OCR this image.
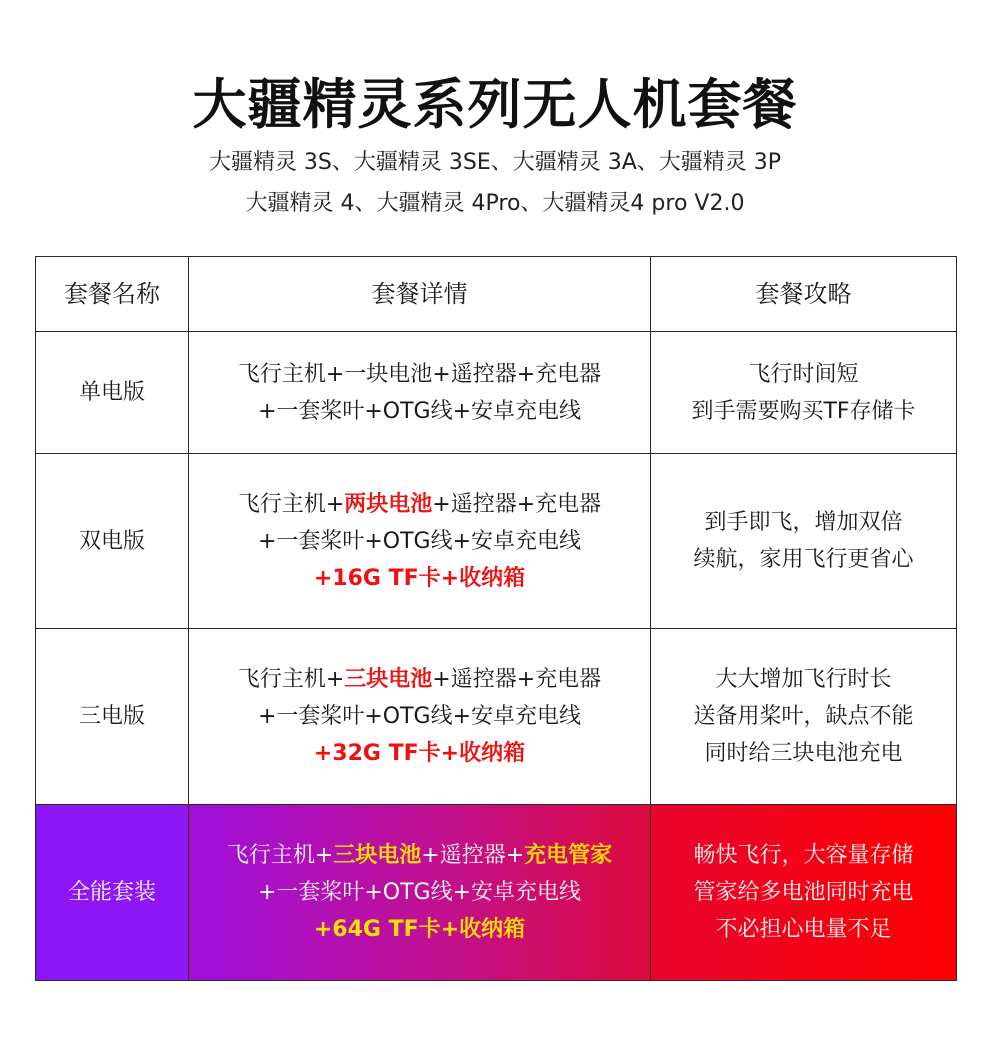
大疆精灵系列无人机套餐
大疆精灵 3S、大疆精灵 3SE、大疆精灵 3A、大疆精灵 3P
大疆精灵 4、大疆精灵 4Pro、大疆精灵4 pro V2.0
套餐名称	套餐详情	套餐攻略
单电版	飞行主机+一块电池+遥控器+充电器
+一套桨叶+OTG线+安卓充电线	飞行时间短
到手需要购买TF存储卡

双电版	飞行主机+两块电池+遥控器+充电器
+一套桨叶+OTG线+安卓充电线
+16G TF卡+收纳箱	到手即飞，增加双倍
续航，家用飞行更省心

三电版	飞行主机+三块电池+遥控器+充电器
+一套桨叶+OTG线+安卓充电线
+32G TF卡+收纳箱	大大增加飞行时长
送备用桨叶，缺点不能
同时给三块电池充电

全能套装	飞行主机+三块电池+遥控器+充电管家
+一套桨叶+OTG线+安卓充电线
+64G TF卡+收纳箱	畅快飞行，大容量存储
管家给多电池同时充电
不必担心电量不足
